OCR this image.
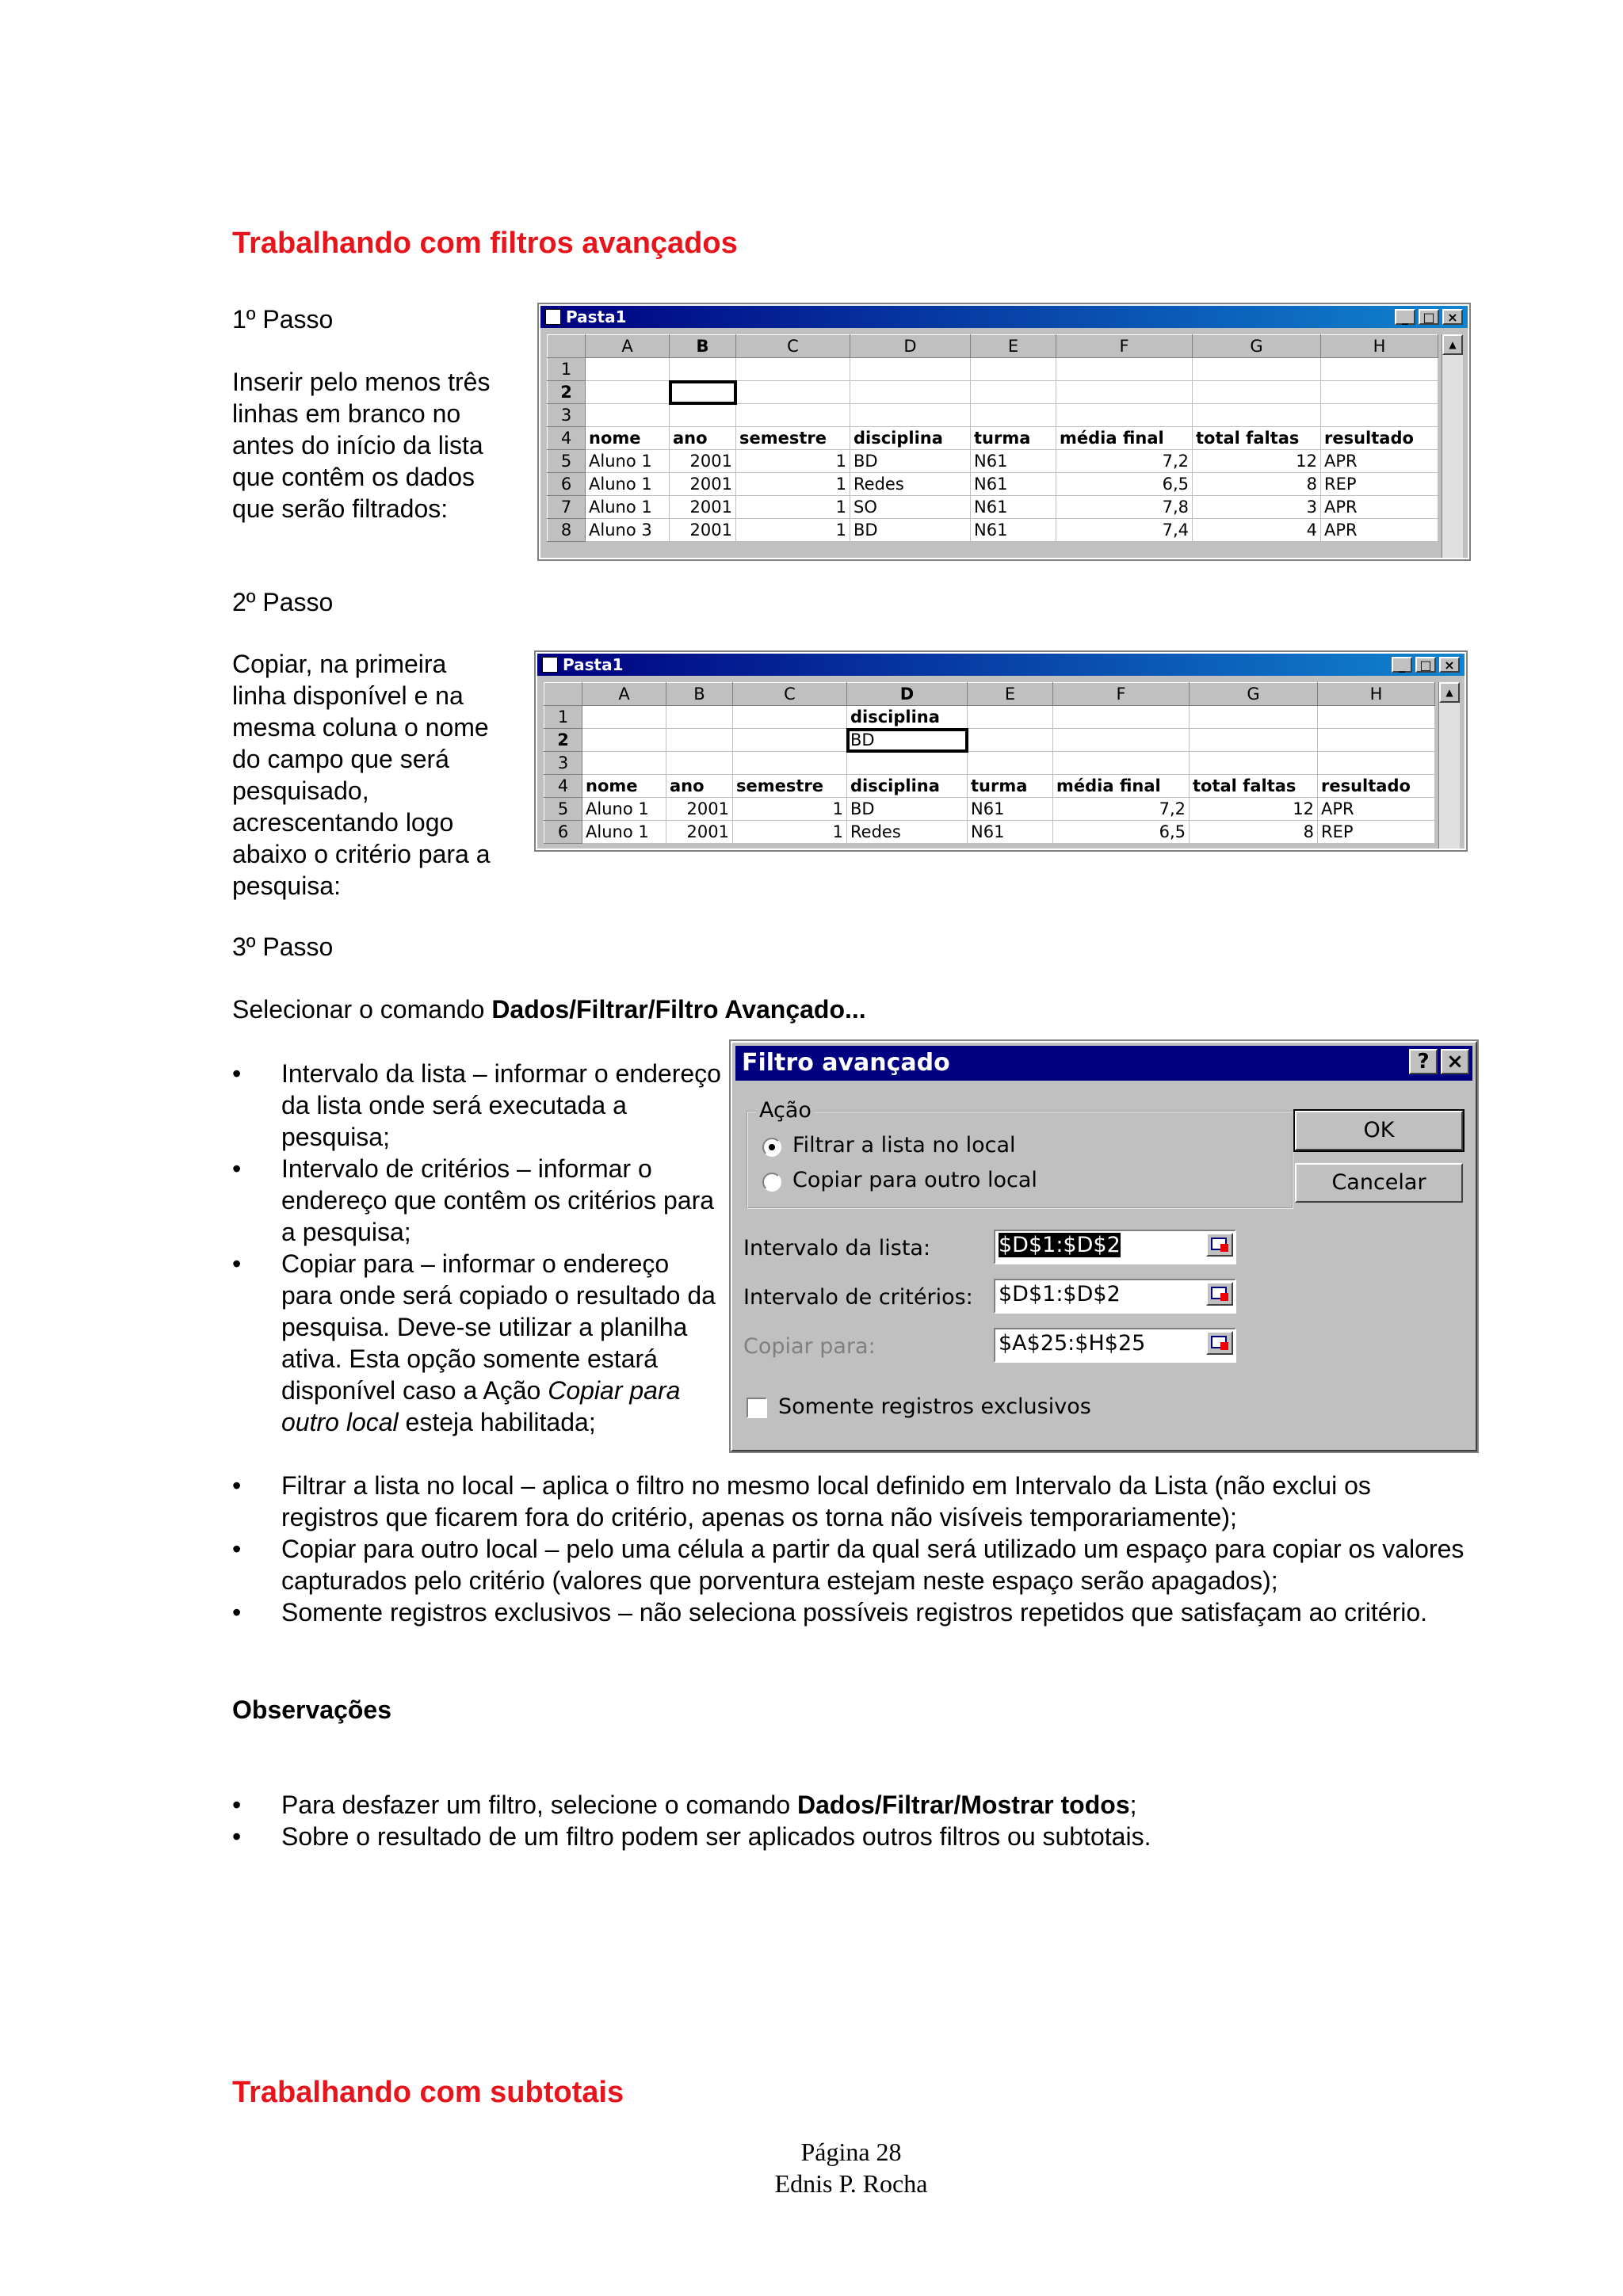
Trabalhando com filtros avançados
1º Passo
Inserir pelo menos três linhas em branco no antes do início da lista que contêm os dados que serão filtrados:
Pasta1	_	□ ×
	A	B	C	D	E	F	G	H
1								
2								
3								
4	nome	ano	semestre	disciplina	turma	média final	total faltas	resultado
5	Aluno 1	2001	1	BD	N61	7,2	12	APR
6	Aluno 1	2001	1	Redes	N61	6,5	8	REP
7	Aluno 1	2001	1	SO	N61	7,8	3	APR
8	Aluno 3	2001	1	BD	N61	7,4	4	APR
▲
2º Passo
Copiar, na primeira linha disponível e na mesma coluna o nome do campo que será pesquisado, acrescentando logo abaixo o critério para a pesquisa:
Pasta1	_	□ ×
	A	B	C	D	E	F	G	H
1				disciplina				
2				BD				
3								
4	nome	ano	semestre	disciplina	turma	média final	total faltas	resultado
5	Aluno 1	2001	1	BD	N61	7,2	12	APR
6	Aluno 1	2001	1	Redes	N61	6,5	8	REP
▲
3º Passo
Selecionar o comando Dados/Filtrar/Filtro Avançado...
• Intervalo da lista – informar o endereço da lista onde será executada a pesquisa;
• Intervalo de critérios – informar o endereço que contêm os critérios para a pesquisa;
• Copiar para – informar o endereço para onde será copiado o resultado da pesquisa. Deve-se utilizar a planilha ativa. Esta opção somente estará disponível caso a Ação Copiar para outro local esteja habilitada;
Filtro avançado	? ×
Ação
Filtrar a lista no local
Copiar para outro local
OK
Cancelar
Intervalo da lista:	$D$1:$D$2
Intervalo de critérios: $D$1:$D$2
Copiar para:	$A$25:$H$25
Somente registros exclusivos
• Filtrar a lista no local – aplica o filtro no mesmo local definido em Intervalo da Lista (não exclui os registros que ficarem fora do critério, apenas os torna não visíveis temporariamente);
• Copiar para outro local – pelo uma célula a partir da qual será utilizado um espaço para copiar os valores capturados pelo critério (valores que porventura estejam neste espaço serão apagados);
• Somente registros exclusivos – não seleciona possíveis registros repetidos que satisfaçam ao critério.
Observações
• Para desfazer um filtro, selecione o comando Dados/Filtrar/Mostrar todos;
• Sobre o resultado de um filtro podem ser aplicados outros filtros ou subtotais.
Trabalhando com subtotais
Página 28
Ednis P. Rocha
